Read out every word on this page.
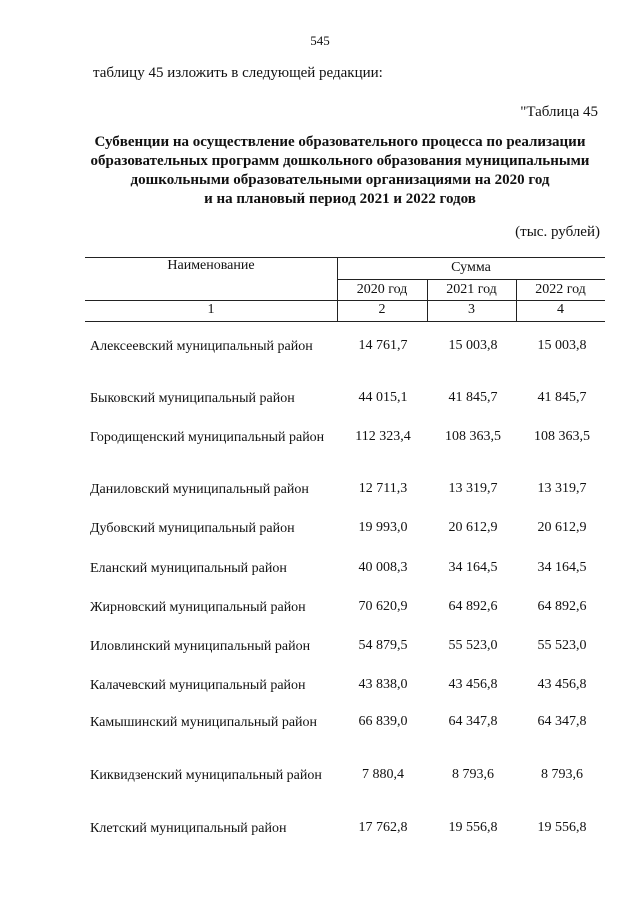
545
таблицу 45 изложить в следующей редакции:
"Таблица 45
Субвенции на осуществление образовательного процесса по реализации
образовательных программ дошкольного образования муниципальными
дошкольными образовательными организациями на 2020 год
и на плановый период 2021 и 2022 годов
(тыс. рублей)
Наименование	Сумма
2020 год	2021 год	2022 год
1	2	3	4
Алексеевский муниципальный район	14 761,7	15 003,8	15 003,8
Быковский муниципальный район	44 015,1	41 845,7	41 845,7
Городищенский муниципальный район	112 323,4	108 363,5	108 363,5
Даниловский муниципальный район	12 711,3	13 319,7	13 319,7
Дубовский муниципальный район	19 993,0	20 612,9	20 612,9
Еланский муниципальный район	40 008,3	34 164,5	34 164,5
Жирновский муниципальный район	70 620,9	64 892,6	64 892,6
Иловлинский муниципальный район	54 879,5	55 523,0	55 523,0
Калачевский муниципальный район	43 838,0	43 456,8	43 456,8
Камышинский муниципальный район	66 839,0	64 347,8	64 347,8
Киквидзенский муниципальный район	7 880,4	8 793,6	8 793,6
Клетский муниципальный район	17 762,8	19 556,8	19 556,8
